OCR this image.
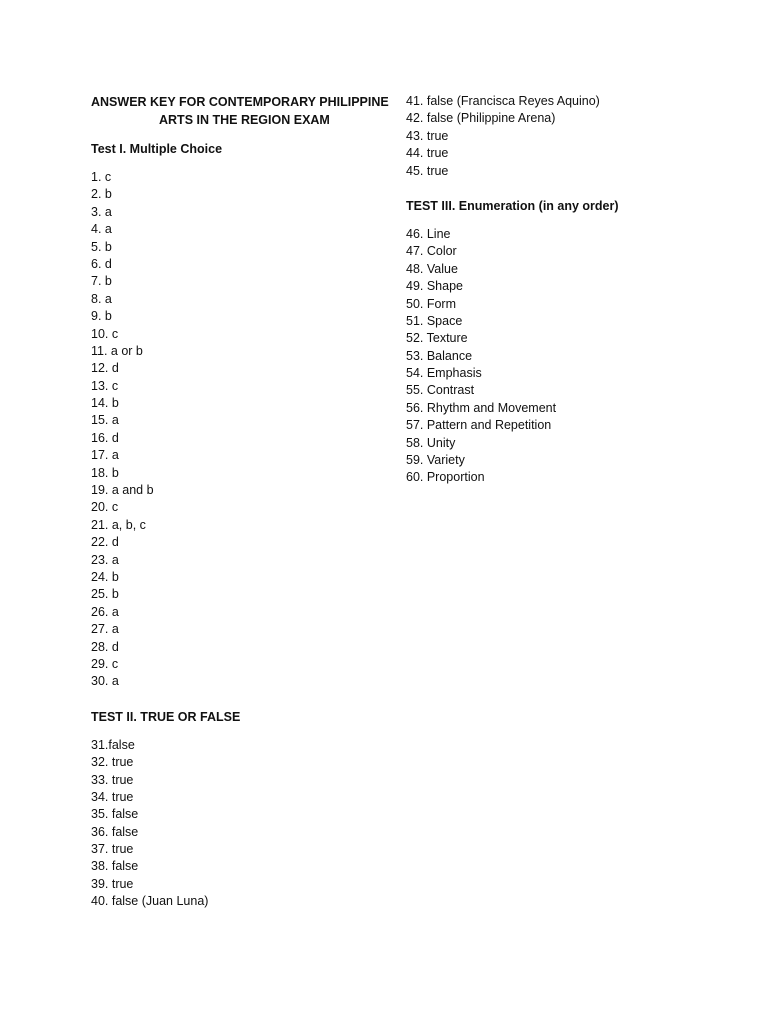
ANSWER KEY FOR CONTEMPORARY PHILIPPINE

ARTS IN THE REGION EXAM

Test I. Multiple Choice

1. c
2. b
3. a
4. a
5. b
6. d
7. b
8. a
9. b
10. c
11. a or b
12. d
13. c
14. b
15. a
16. d
17. a
18. b
19. a and b
20. c
21. a, b, c
22. d
23. a
24. b
25. b
26. a
27. a
28. d
29. c
30. a

TEST II. TRUE OR FALSE

31.false
32. true
33. true
34. true
35. false
36. false
37. true
38. false
39. true
40. false (Juan Luna)
41. false (Francisca Reyes Aquino)
42. false (Philippine Arena)
43. true
44. true
45. true

TEST III. Enumeration (in any order)

46. Line
47. Color
48. Value
49. Shape
50. Form
51. Space
52. Texture
53. Balance
54. Emphasis
55. Contrast
56. Rhythm and Movement
57. Pattern and Repetition
58. Unity
59. Variety
60. Proportion
